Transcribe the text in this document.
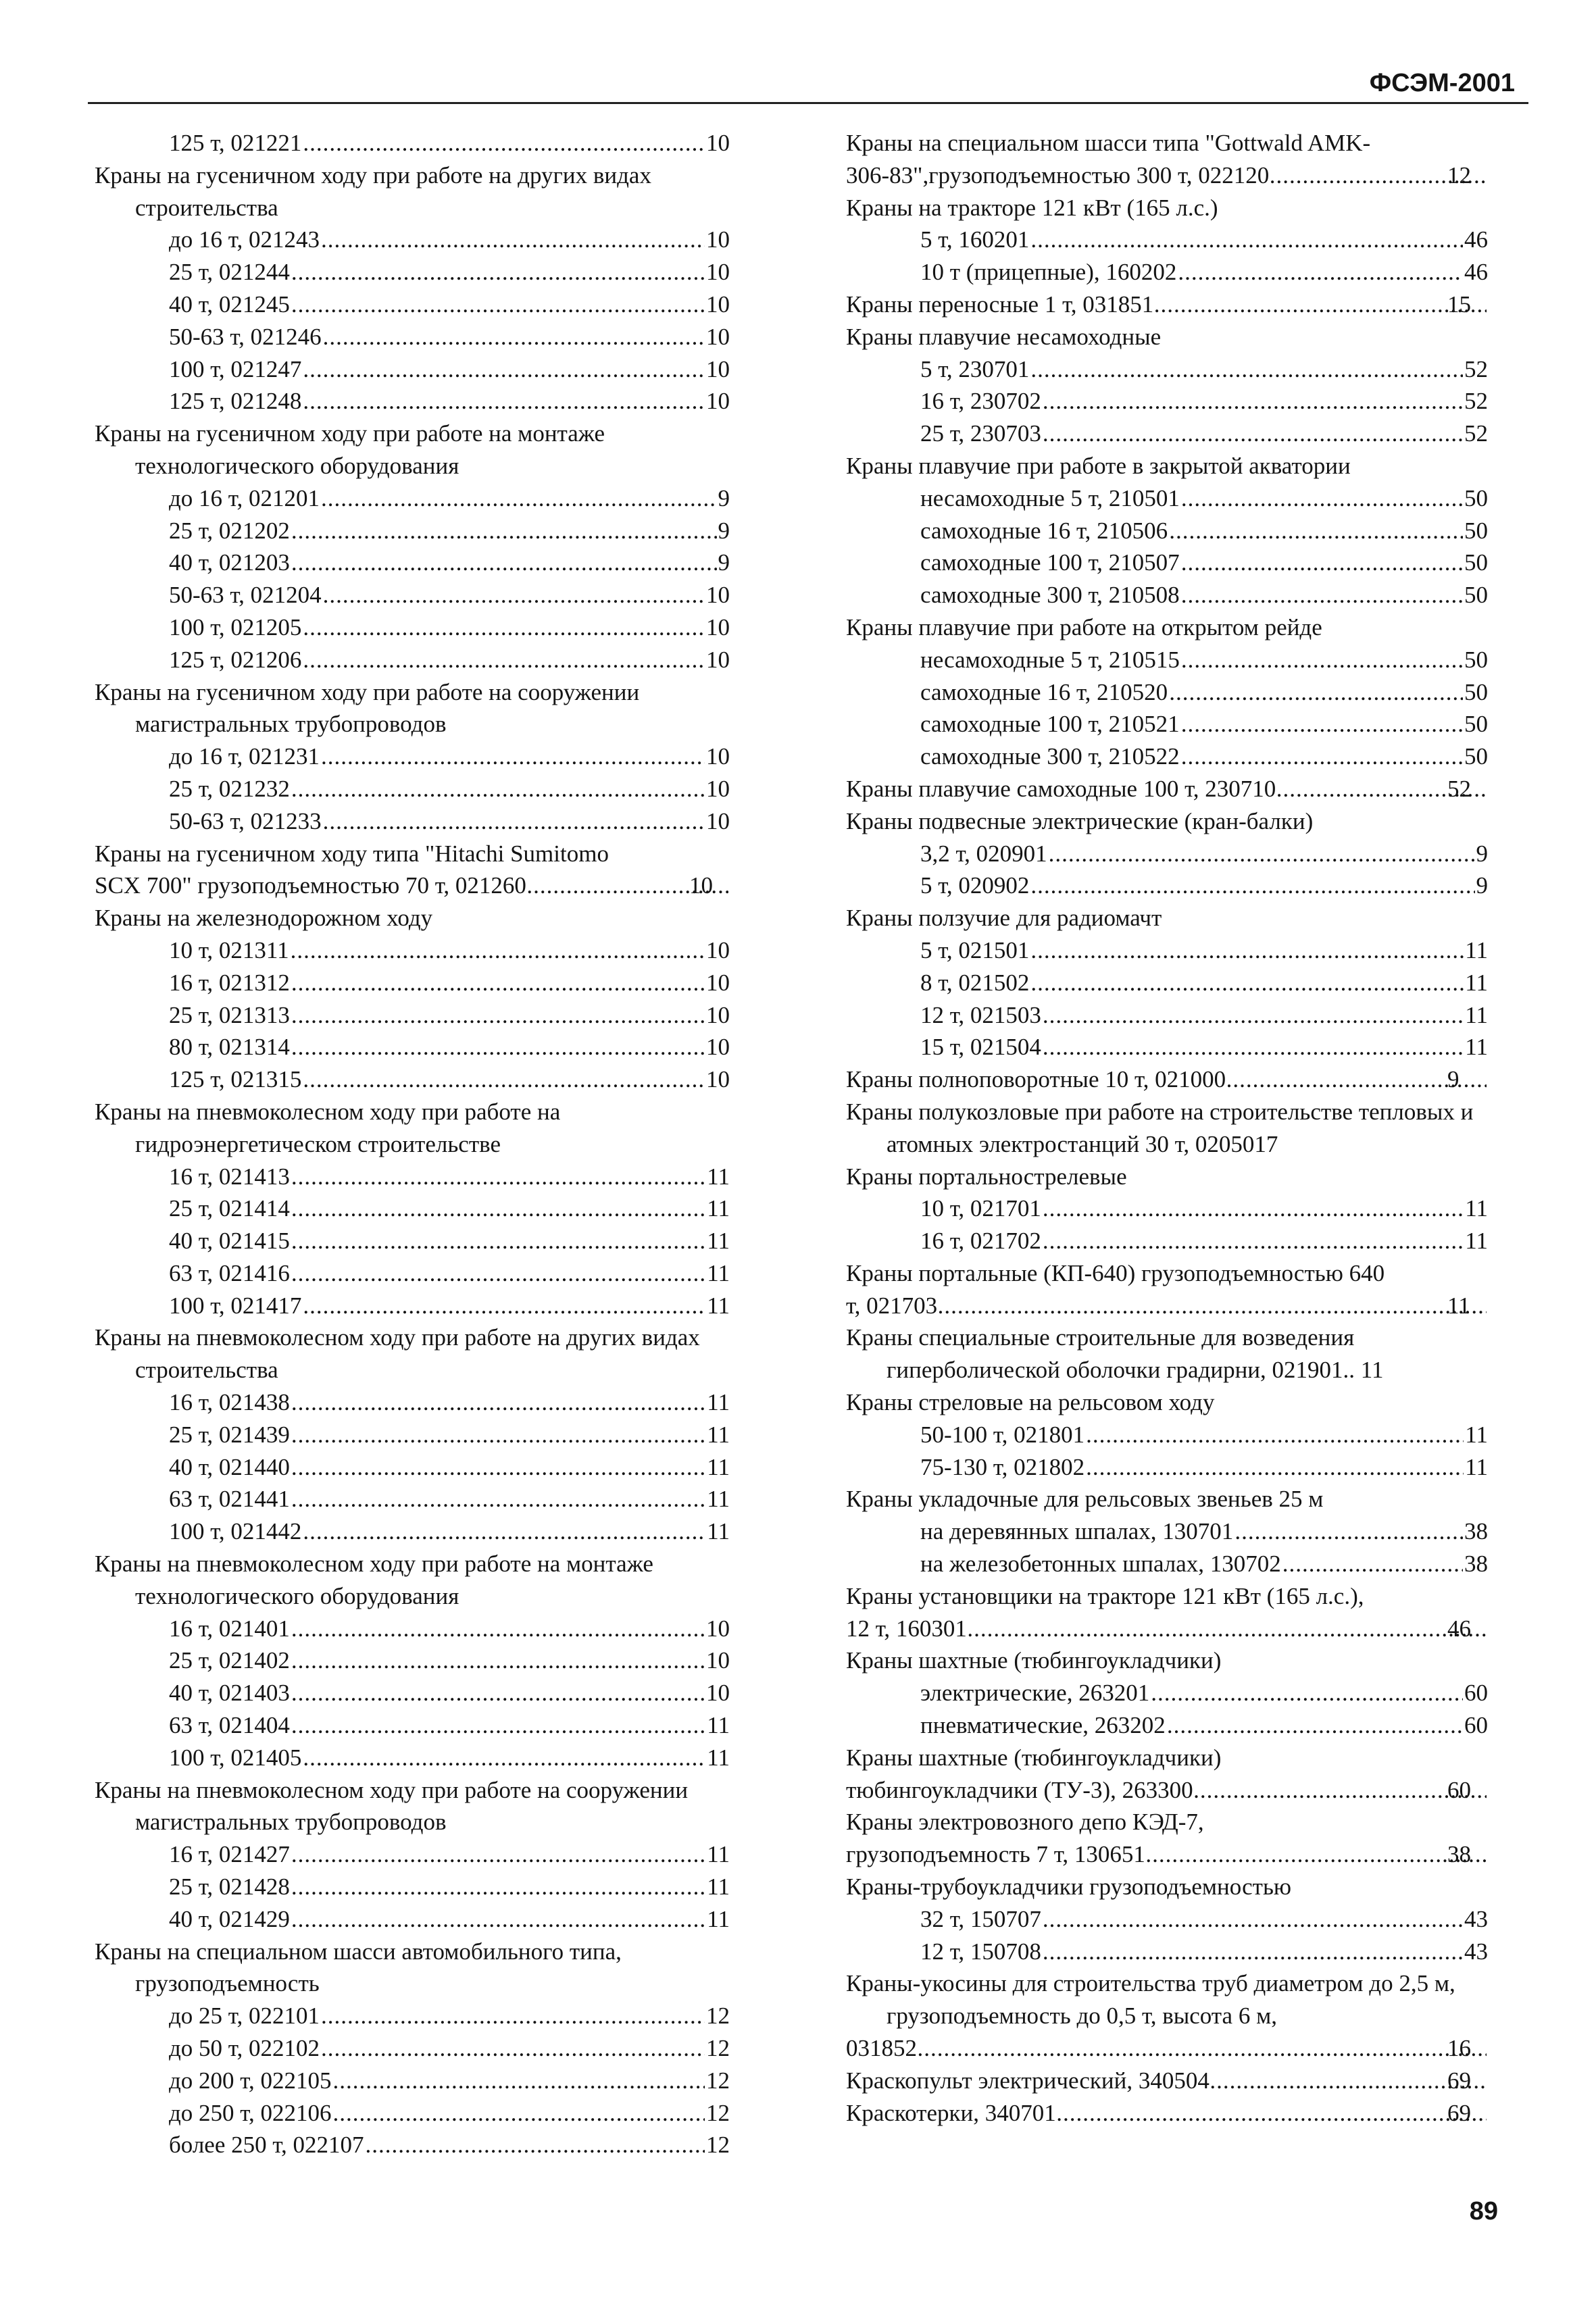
ФСЭМ-2001
125 т, 021221 .....	10
Краны на гусеничном ходу при работе на других видах строительства
до 16 т, 021243 .....	10
25 т, 021244 .....	10
40 т, 021245 .....	10
50-63 т, 021246 .....	10
100 т, 021247 .....	10
125 т, 021248 .....	10
Краны на гусеничном ходу при работе на монтаже технологического оборудования
до 16 т, 021201 .....	9
25 т, 021202 .....	9
40 т, 021203 .....	9
50-63 т, 021204 .....	10
100 т, 021205 .....	10
125 т, 021206 .....	10
Краны на гусеничном ходу при работе на сооружении магистральных трубопроводов
до 16 т, 021231 .....	10
25 т, 021232 .....	10
50-63 т, 021233 .....	10
Краны на гусеничном ходу типа "Hitachi Sumitomo
SCX 700" грузоподъемностью 70 т, 021260 .....	10
Краны на железнодорожном ходу
10 т, 021311 .....	10
16 т, 021312 .....	10
25 т, 021313 .....	10
80 т, 021314 .....	10
125 т, 021315 .....	10
Краны на пневмоколесном ходу при работе на гидроэнергетическом строительстве
16 т, 021413 .....	11
25 т, 021414 .....	11
40 т, 021415 .....	11
63 т, 021416 .....	11
100 т, 021417 .....	11
Краны на пневмоколесном ходу при работе на других видах строительства
16 т, 021438 .....	11
25 т, 021439 .....	11
40 т, 021440 .....	11
63 т, 021441 .....	11
100 т, 021442 .....	11
Краны на пневмоколесном ходу при работе на монтаже технологического оборудования
16 т, 021401 .....	10
25 т, 021402 .....	10
40 т, 021403 .....	10
63 т, 021404 .....	11
100 т, 021405 .....	11
Краны на пневмоколесном ходу при работе на сооружении магистральных трубопроводов
16 т, 021427 .....	11
25 т, 021428 .....	11
40 т, 021429 .....	11
Краны на специальном шасси автомобильного типа, грузоподъемность
до 25 т, 022101 .....	12
до 50 т, 022102 .....	12
до 200 т, 022105 .....	12
до 250 т, 022106 .....	12
более 250 т, 022107 .....	12
Краны на специальном шасси типа "Gottwald AMK-
306-83",грузоподъемностью 300 т, 022120 .....	12
Краны на тракторе 121 кВт (165 л.с.)
5 т, 160201 .....	46
10 т (прицепные), 160202 .....	46
Краны переносные 1 т, 031851 .....	15
Краны плавучие несамоходные
5 т, 230701 .....	52
16 т, 230702 .....	52
25 т, 230703 .....	52
Краны плавучие при работе в закрытой акватории
несамоходные 5 т, 210501 .....	50
самоходные 16 т, 210506 .....	50
самоходные 100 т, 210507 .....	50
самоходные 300 т, 210508 .....	50
Краны плавучие при работе на открытом рейде
несамоходные 5 т, 210515 .....	50
самоходные 16 т, 210520 .....	50
самоходные 100 т, 210521 .....	50
самоходные 300 т, 210522 .....	50
Краны плавучие самоходные 100 т, 230710 .....	52
Краны подвесные электрические (кран-балки)
3,2 т, 020901 .....	9
5 т, 020902 .....	9
Краны ползучие для радиомачт
5 т, 021501 .....	11
8 т, 021502 .....	11
12 т, 021503 .....	11
15 т, 021504 .....	11
Краны полноповоротные 10 т, 021000 .....	9
Краны полукозловые при работе на строительстве тепловых и атомных электростанций 30 т, 0205017
Краны портальнострелевые
10 т, 021701 .....	11
16 т, 021702 .....	11
Краны портальные (КП-640) грузоподъемностью 640
т, 021703 .....	11
Краны специальные строительные для возведения гиперболической оболочки градирни, 021901.. 11
Краны стреловые на рельсовом ходу
50-100 т, 021801 .....	11
75-130 т, 021802 .....	11
Краны укладочные для рельсовых звеньев 25 м
на деревянных шпалах, 130701 .....	38
на железобетонных шпалах, 130702 .....	38
Краны установщики на тракторе 121 кВт (165 л.с.),
12 т, 160301 .....	46
Краны шахтные (тюбингоукладчики)
электрические, 263201 .....	60
пневматические, 263202 .....	60
Краны шахтные (тюбингоукладчики)
тюбингоукладчики (ТУ-3), 263300 .....	60
Краны электровозного депо КЭД-7,
грузоподъемность 7 т, 130651 .....	38
Краны-трубоукладчики грузоподъемностью
32 т, 150707 .....	43
12 т, 150708 .....	43
Краны-укосины для строительства труб диаметром до 2,5 м, грузоподъемность до 0,5 т, высота 6 м,
031852 .....	16
Краскопульт электрический, 340504 .....	69
Краскотерки, 340701 .....	69
89
